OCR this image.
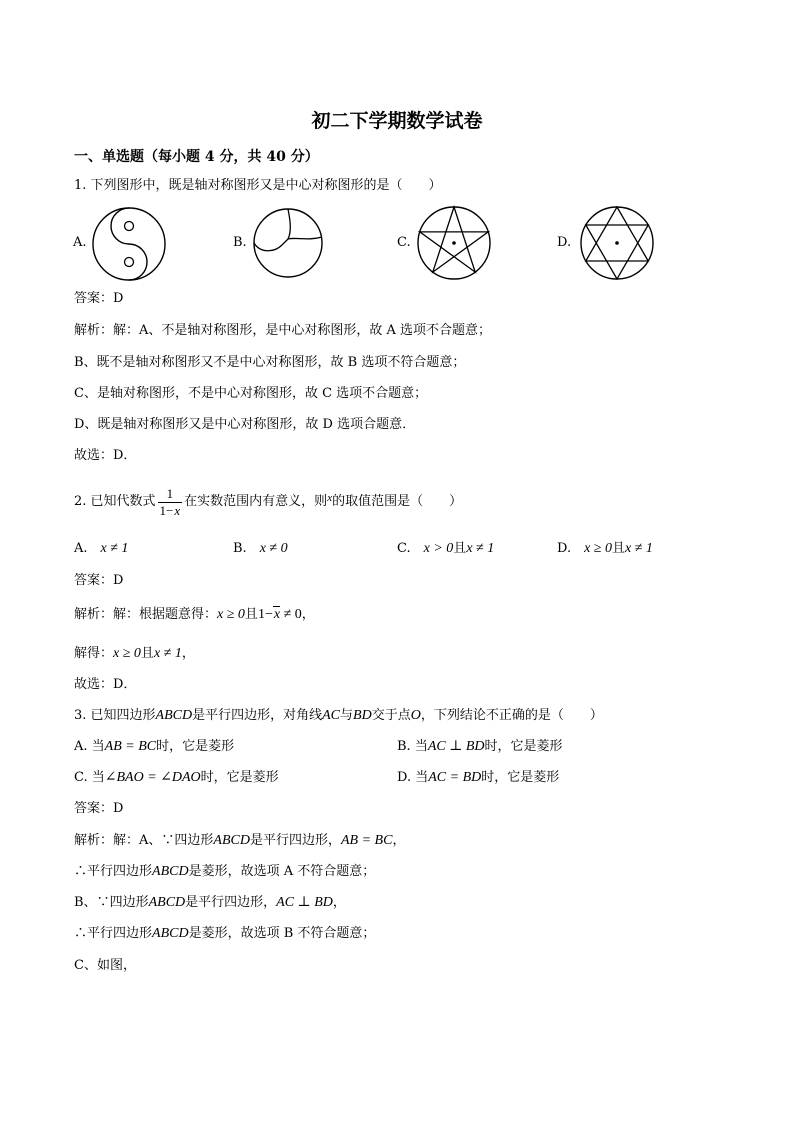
初二下学期数学试卷
一、单选题（每小题 4 分，共 40 分）
1. 下列图形中，既是轴对称图形又是中心对称图形的是（　　）
A.	B.	C.	D.
答案：D
解析：解：A、不是轴对称图形，是中心对称图形，故 A 选项不合题意；
B、既不是轴对称图形又不是中心对称图形，故 B 选项不符合题意；
C、是轴对称图形，不是中心对称图形，故 C 选项不合题意；
D、既是轴对称图形又是中心对称图形，故 D 选项合题意．
故选：D．
2. 已知代数式 $\frac{1}{1-x}$ 在实数范围内有意义，则 x 的取值范围是（　　）
A.  x ≠ 1	B.  x ≠ 0	C.  x > 0且x ≠ 1	D.  x ≥ 0且x ≠ 1
答案：D
解析：解：根据题意得：x ≥ 0且1−x ≠ 0，
解得：x ≥ 0且x ≠ 1，
故选：D．
3. 已知四边形ABCD是平行四边形，对角线AC与BD交于点O，下列结论不正确的是（　　）
A. 当AB = BC时，它是菱形	B. 当AC ⊥ BD时，它是菱形
C. 当∠BAO = ∠DAO时，它是菱形	D. 当AC = BD时，它是菱形
答案：D
解析：解：A、∵四边形ABCD是平行四边形，AB = BC，
∴平行四边形ABCD是菱形，故选项 A 不符合题意；
B、∵四边形ABCD是平行四边形，AC ⊥ BD，
∴平行四边形ABCD是菱形，故选项 B 不符合题意；
C、如图，
